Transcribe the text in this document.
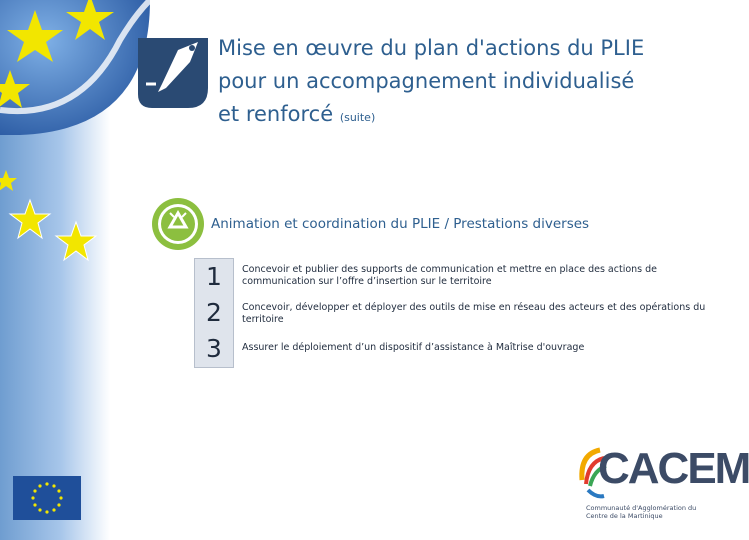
Mise en œuvre du plan d'actions du PLIE pour un accompagnement individualisé et renforcé (suite)
Animation et coordination du PLIE / Prestations diverses
1
2
3
Concevoir et publier des supports de communication et mettre en place des actions de communication sur l’offre d’insertion sur le territoire
Concevoir, développer et déployer des outils de mise en réseau des acteurs et des opérations du territoire
Assurer le déploiement d’un dispositif d’assistance à Maîtrise d'ouvrage
CACEM
Communauté d'Agglomération du Centre de la Martinique
